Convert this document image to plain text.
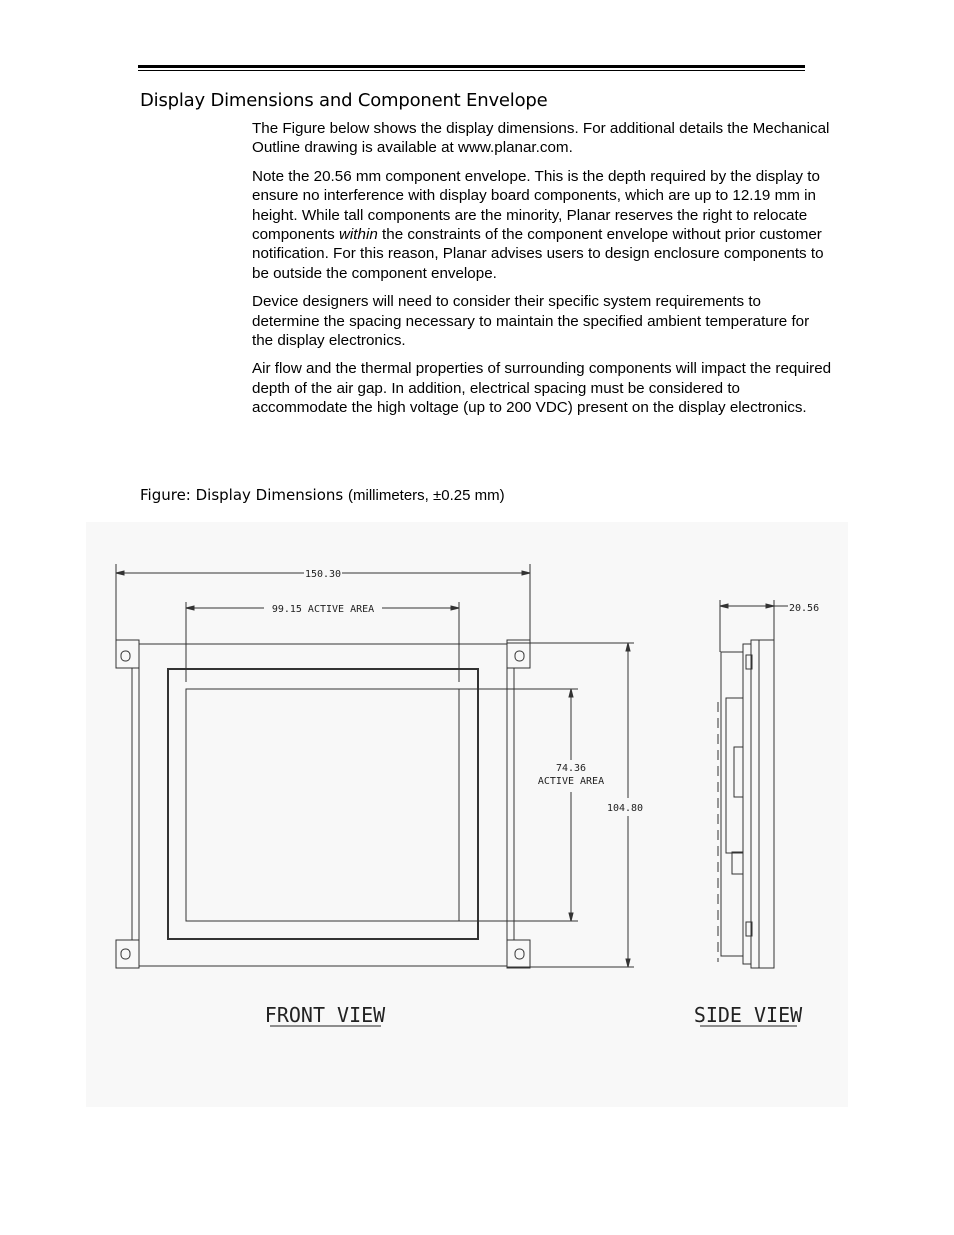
Display Dimensions and Component Envelope

The Figure below shows the display dimensions. For additional details the Mechanical Outline drawing is available at www.planar.com.

Note the 20.56 mm component envelope. This is the depth required by the display to ensure no interference with display board components, which are up to 12.19 mm in height. While tall components are the minority, Planar reserves the right to relocate components within the constraints of the component envelope without prior customer notification. For this reason, Planar advises users to design enclosure components to be outside the component envelope.

Device designers will need to consider their specific system requirements to determine the spacing necessary to maintain the specified ambient temperature for the display electronics.

Air flow and the thermal properties of surrounding components will impact the required depth of the air gap. In addition, electrical spacing must be considered to accommodate the high voltage (up to 200 VDC) present on the display electronics.

Figure: Display Dimensions (millimeters, ±0.25 mm)
150.30
99.15 ACTIVE AREA
74.36
ACTIVE AREA
104.80
20.56
FRONT VIEW	SIDE VIEW
